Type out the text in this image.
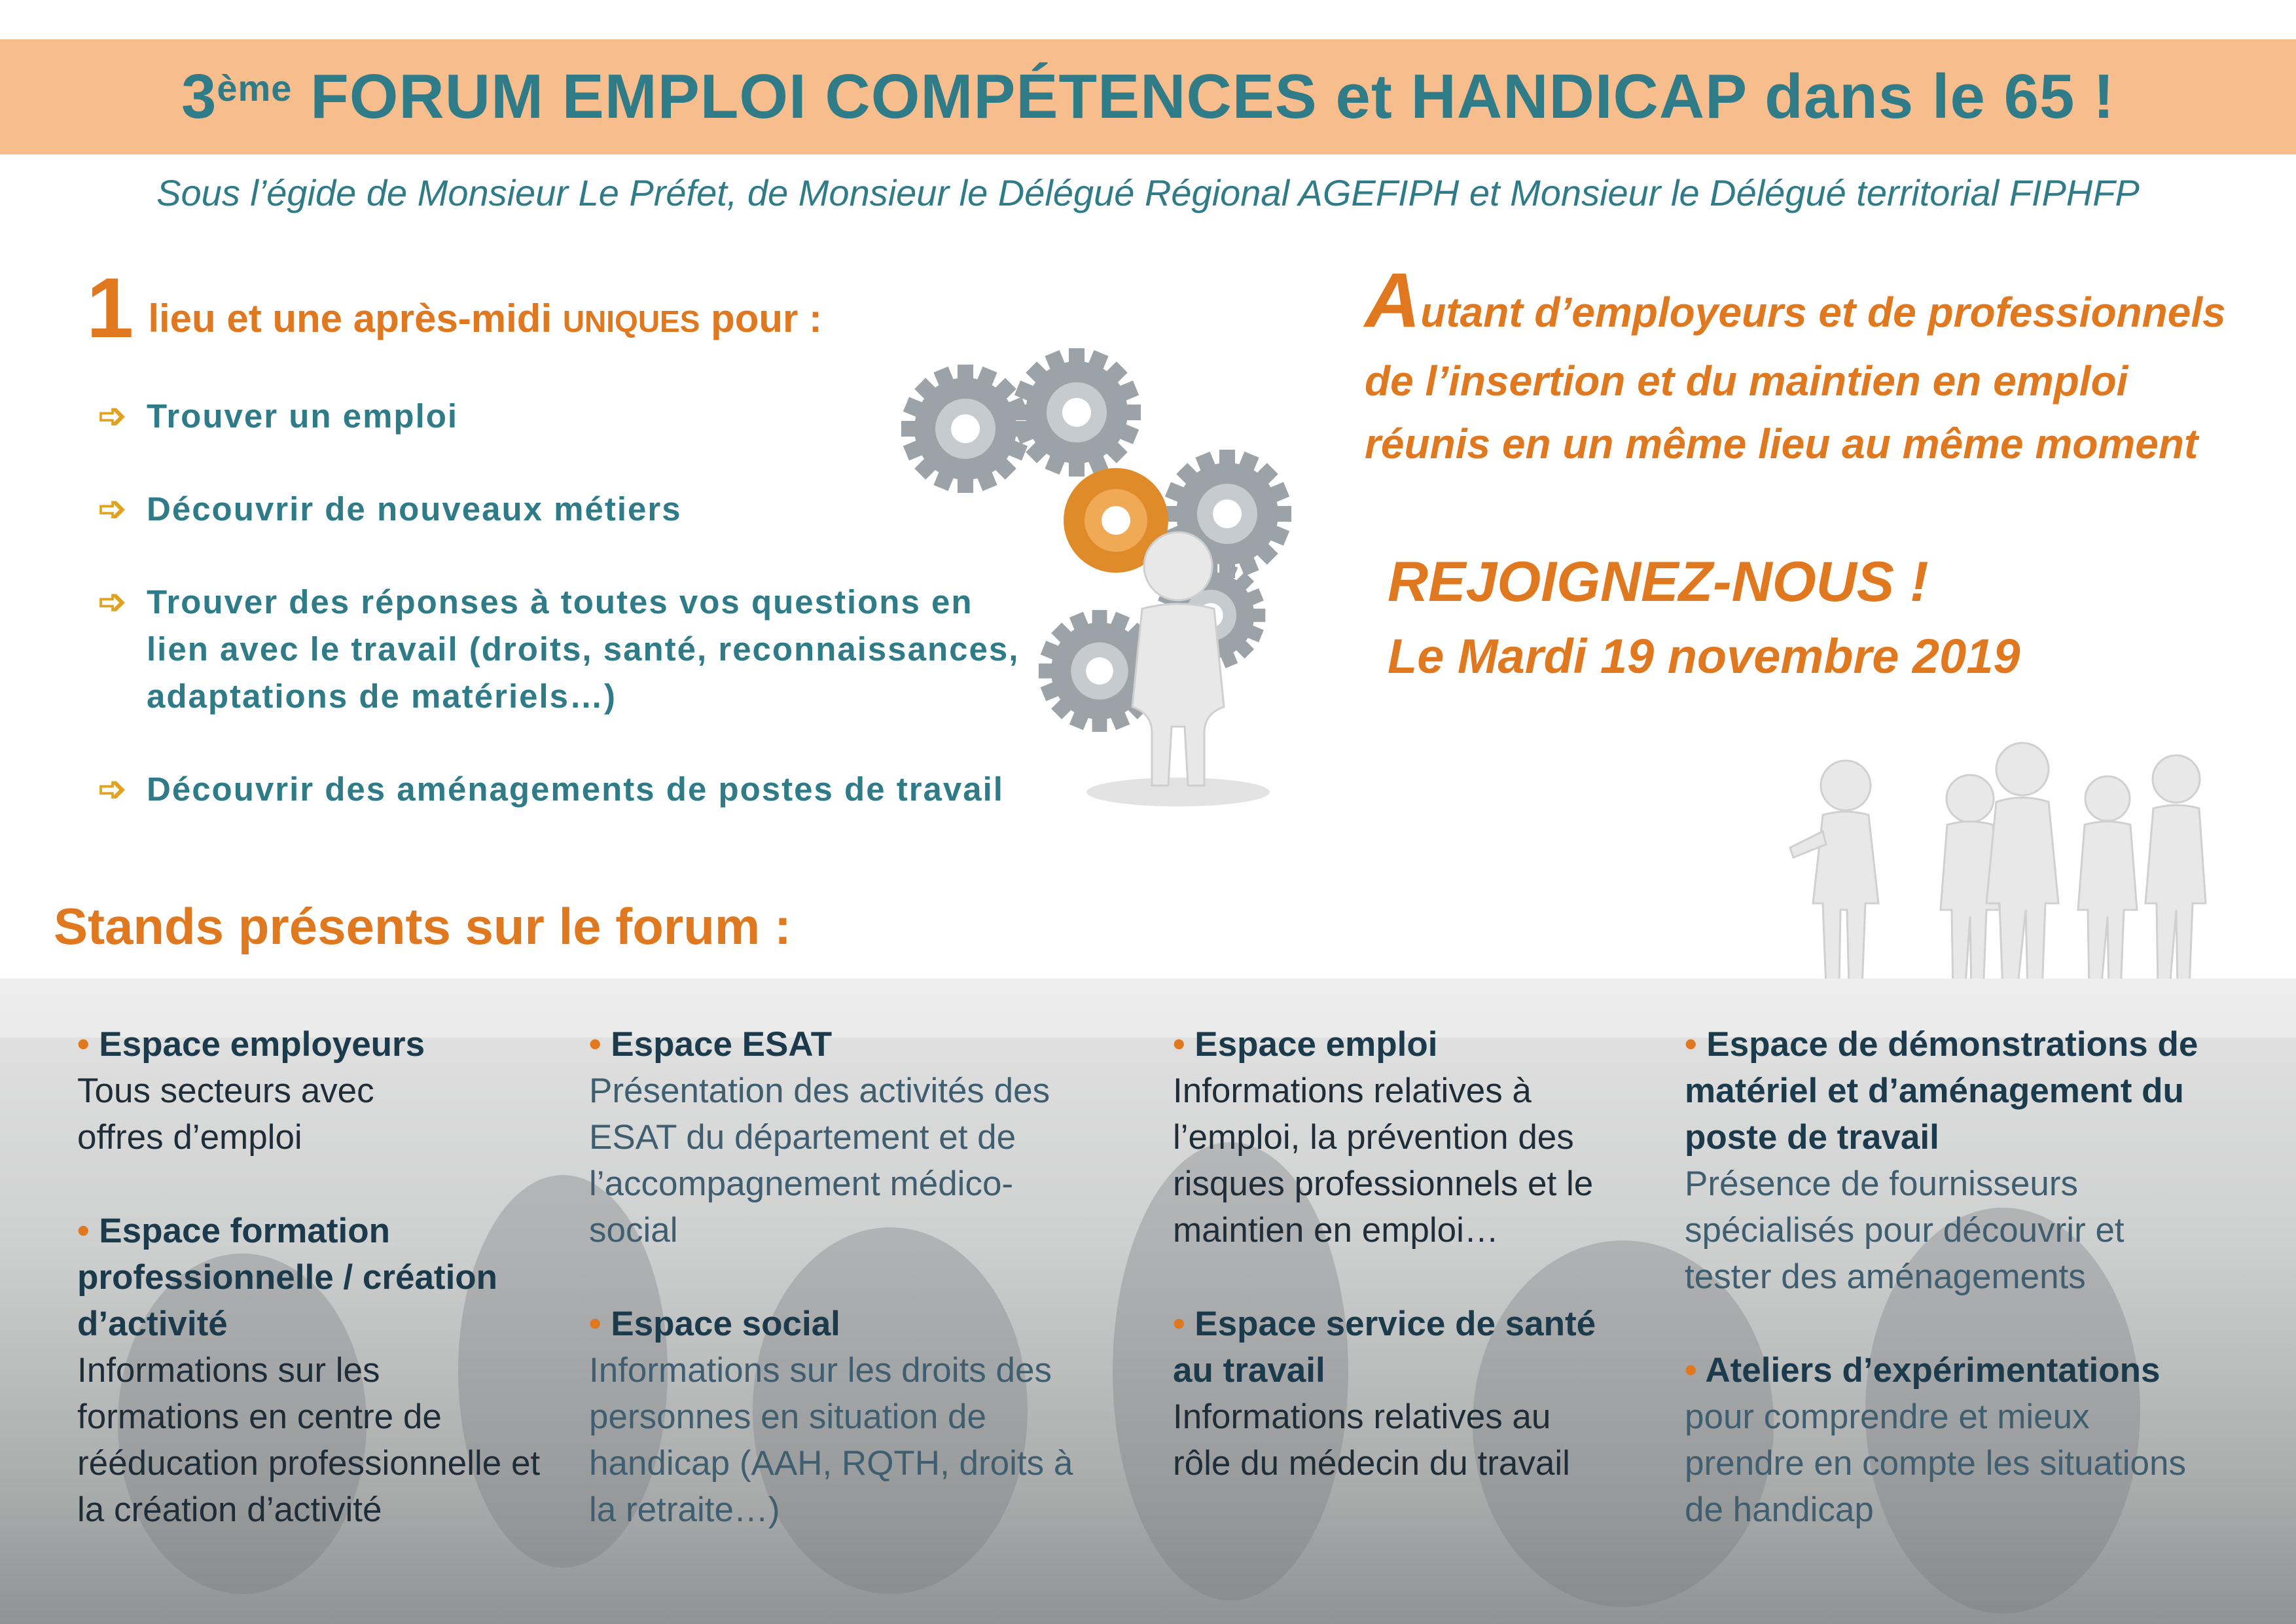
3ème
FORUM EMPLOI COMPÉTENCES et HANDICAP dans le 65 !
Sous l’égide de Monsieur Le Préfet, de Monsieur le Délégué Régional AGEFIPH et Monsieur le Délégué territorial FIPHFP
1 lieu et une après-midi UNIQUES pour :
➩ Trouver un emploi
➩ Découvrir de nouveaux métiers
➩ Trouver des réponses à toutes vos questions en lien avec le travail (droits, santé, reconnaissances, adaptations de matériels…)
➩ Découvrir des aménagements de postes de travail
Autant d’employeurs et de professionnels
de l’insertion et du maintien en emploi
réunis en un même lieu au même moment
REJOIGNEZ-NOUS !
Le Mardi 19 novembre 2019
Stands présents sur le forum :
• Espace employeurs
Tous secteurs avec offres d’emploi
• Espace formation professionnelle / création d’activité
Informations sur les formations en centre de rééducation professionnelle et la création d’activité
• Espace ESAT
Présentation des activités des ESAT du département et de l’accompagnement médico-social
• Espace social
Informations sur les droits des personnes en situation de handicap (AAH, RQTH, droits à la retraite…)
• Espace emploi
Informations relatives à l’emploi, la prévention des risques professionnels et le maintien en emploi…
• Espace service de santé au travail
Informations relatives au rôle du médecin du travail
• Espace de démonstrations de matériel et d’aménagement du poste de travail
Présence de fournisseurs spécialisés pour découvrir et tester des aménagements
• Ateliers d’expérimentations
pour comprendre et mieux prendre en compte les situations de handicap
